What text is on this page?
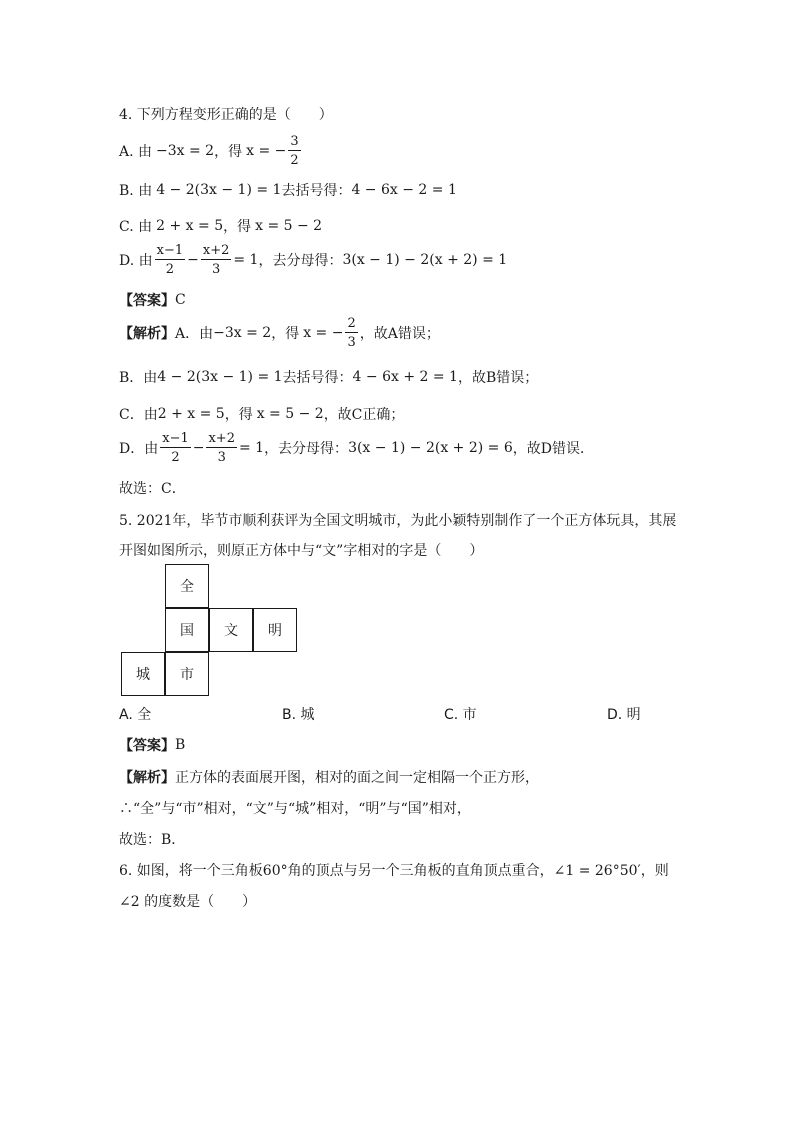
4. 下列方程变形正确的是（　　）
A. 由 −3x = 2 ，得 x = − $\frac{3}{2}$
B. 由 4 − 2(3x − 1) = 1 去括号得： 4 − 6x − 2 = 1
C. 由 2 + x = 5 ，得 x = 5 − 2
D. 由 $\frac{x-1}{2} - \frac{x+2}{3} = 1$ ，去分母得： 3(x − 1) − 2(x + 2) = 1
【答案】 C
【解析】 A．由 −3x = 2 ，得 x = − $\frac{2}{3}$ ，故A错误；
B．由 4 − 2(3x − 1) = 1 去括号得： 4 − 6x + 2 = 1 ，故B错误；
C．由 2 + x = 5 ，得 x = 5 − 2 ，故C正确；
D．由 $\frac{x-1}{2} - \frac{x+2}{3} = 1$ ，去分母得： 3(x − 1) − 2(x + 2) = 6 ，故D错误．
故选：C．
5. 2021年，毕节市顺利获评为全国文明城市，为此小颖特别制作了一个正方体玩具，其展
开图如图所示，则原正方体中与“文”字相对的字是（　　）
全
国	文	明
城	市
A. 全	B. 城	C. 市	D. 明
【答案】 B
【解析】 正方体的表面展开图，相对的面之间一定相隔一个正方形，
∴“全”与“市”相对，“文”与“城”相对，“明”与“国”相对，
故选：B．
6. 如图，将一个三角板60°角的顶点与另一个三角板的直角顶点重合，∠1 = 26°50′，则
∠2 的度数是（　　）
